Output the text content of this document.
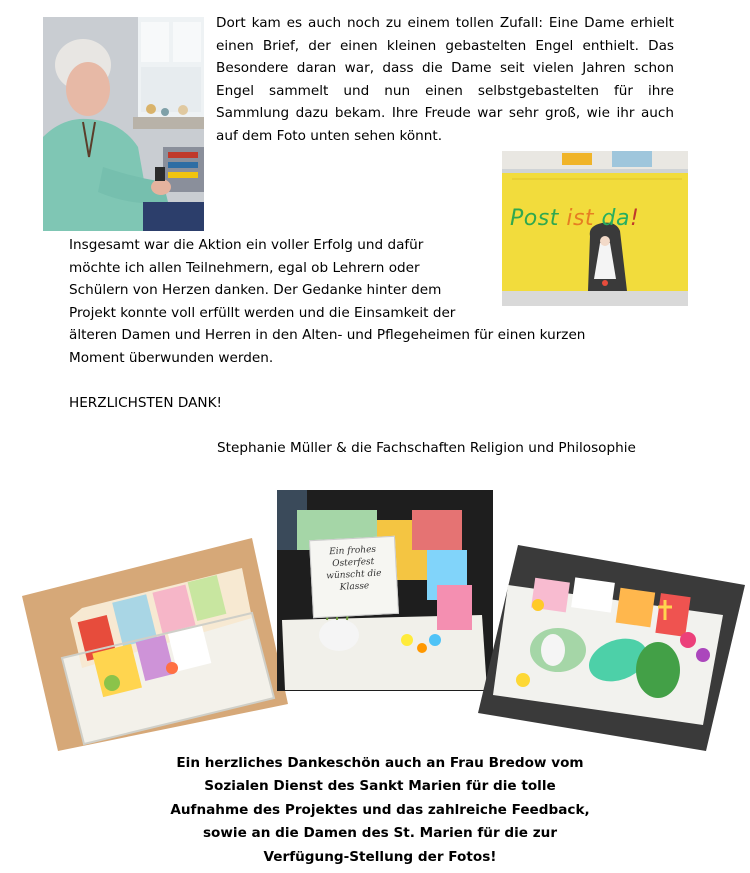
Dort kam es auch noch zu einem tollen Zufall: Eine Dame erhielt einen Brief, der einen kleinen gebastelten Engel enthielt. Das Besondere daran war, dass die Dame seit vielen Jahren schon Engel sammelt und nun einen selbstgebastelten für ihre Sammlung dazu bekam. Ihre Freude war sehr groß, wie ihr auch auf dem Foto unten sehen könnt.

Post ist da!

Insgesamt war die Aktion ein voller Erfolg und dafür

möchte ich allen Teilnehmern, egal ob Lehrern oder

Schülern von Herzen danken. Der Gedanke hinter dem

Projekt konnte voll erfüllt werden und die Einsamkeit der

älteren Damen und Herren in den Alten- und Pflegeheimen für einen kurzen

Moment überwunden werden.

HERZLICHSTEN DANK!
Stephanie Müller & die Fachschaften Religion und Philosophie
Ein frohes Osterfest
wünscht die
Klasse

Ein herzliches Dankeschön auch an Frau Bredow vom

Sozialen Dienst des Sankt Marien für die tolle

Aufnahme des Projektes und das zahlreiche Feedback,

sowie an die Damen des St. Marien für die zur

Verfügung-Stellung der Fotos!
